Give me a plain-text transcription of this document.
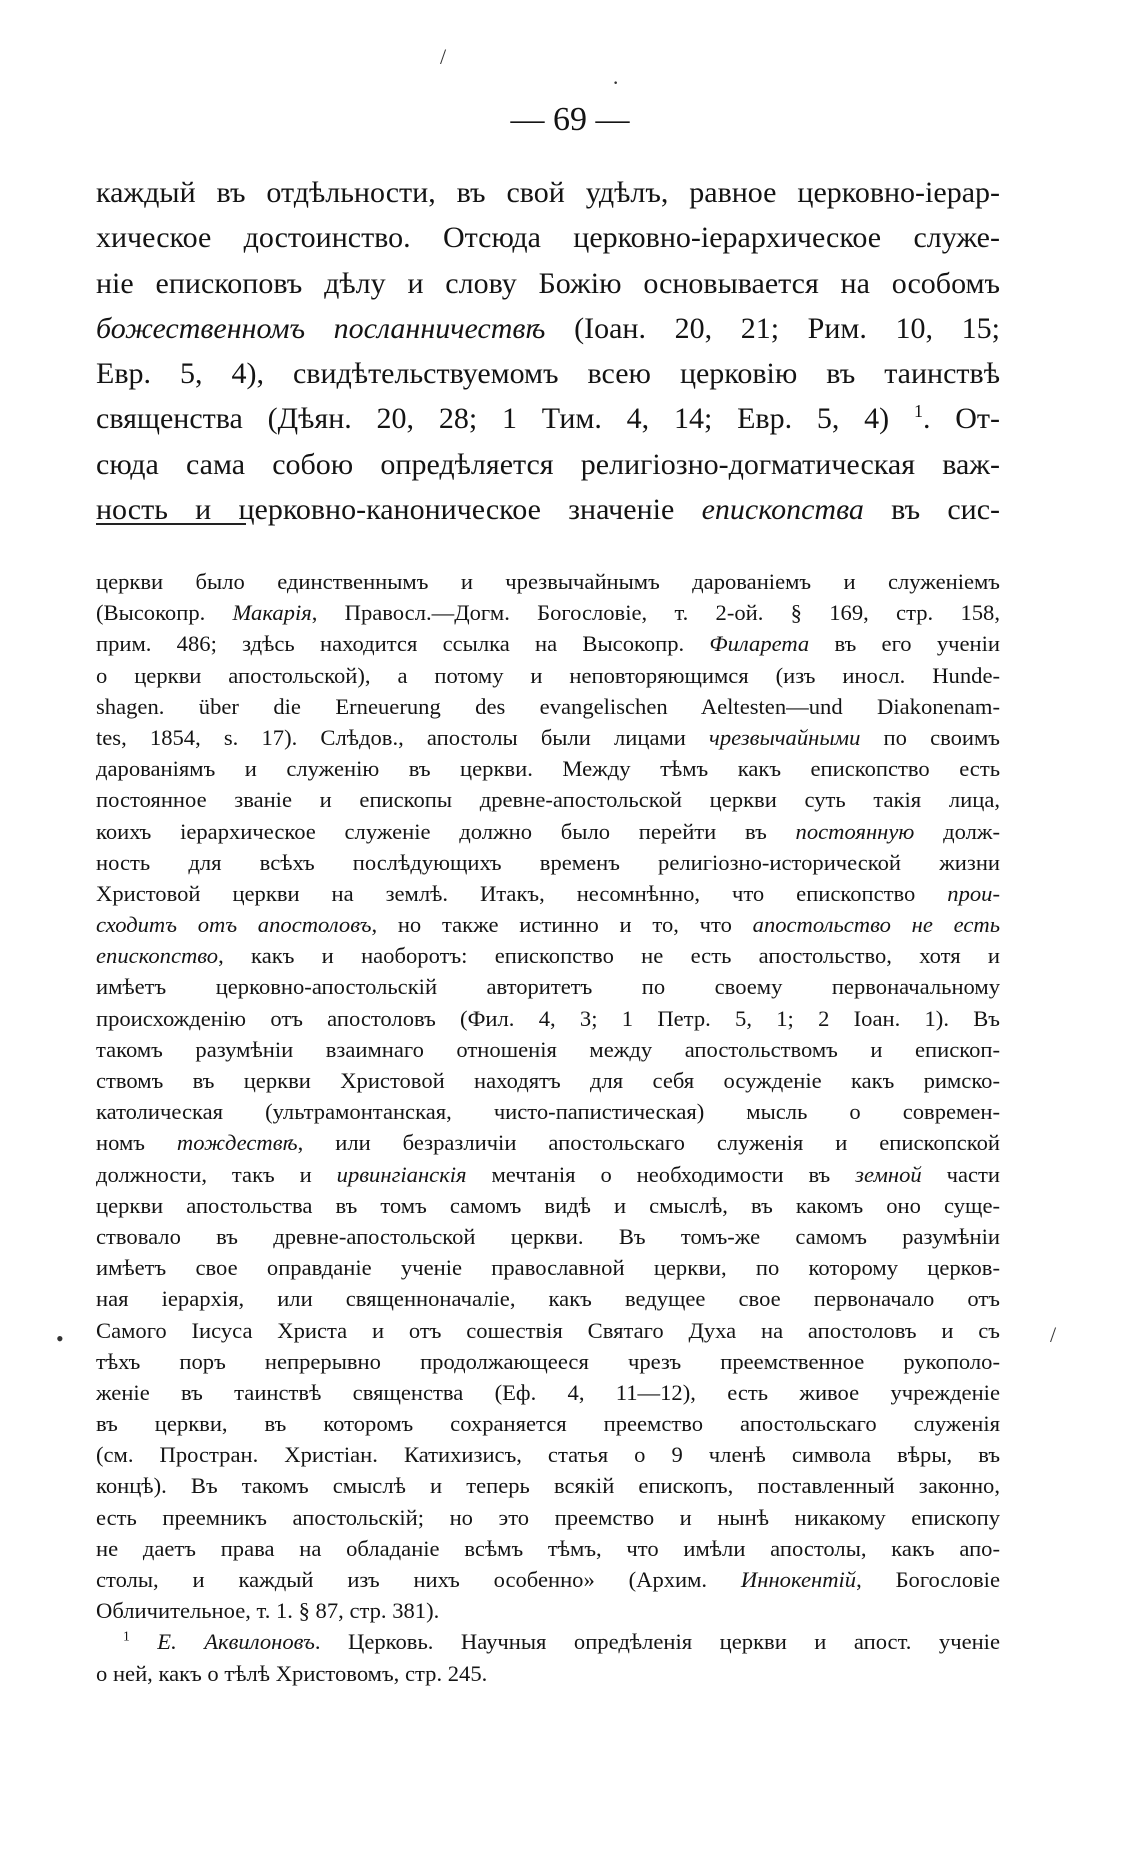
— 69 —
каждый въ отдѣльности, въ свой удѣлъ, равное церковно-іерар-
хическое достоинство. Отсюда церковно-іерархическое служе-
ніе епископовъ дѣлу и слову Божію основывается на особомъ
божественномъ посланничествѣ (Іоан. 20, 21; Рим. 10, 15;
Евр. 5, 4), свидѣтельствуемомъ всею церковію въ таинствѣ
священства (Дѣян. 20, 28; 1 Тим. 4, 14; Евр. 5, 4) $^1$. От-
сюда сама собою опредѣляется религіозно-догматическая важ-
ность и церковно-каноническое значеніе епископства въ сис-
церкви было единственнымъ и чрезвычайнымъ дарованіемъ и служеніемъ
(Высокопр. Макарія, Правосл.—Догм. Богословіе, т. 2-ой. § 169, стр. 158,
прим. 486; здѣсь находится ссылка на Высокопр. Филарета въ его ученіи
о церкви апостольской), а потому и неповторяющимся (изъ иносл. Hunde-
shagen. über die Erneuerung des evangelischen Aeltesten—und Diakonenam-
tes, 1854, s. 17). Слѣдов., апостолы были лицами чрезвычайными по своимъ
дарованіямъ и служенію въ церкви. Между тѣмъ какъ епископство есть
постоянное званіе и епископы древне-апостольской церкви суть такія лица,
коихъ іерархическое служеніе должно было перейти въ постоянную долж-
ность для всѣхъ послѣдующихъ временъ религіозно-исторической жизни
Христовой церкви на землѣ. Итакъ, несомнѣнно, что епископство прои-
сходитъ отъ апостоловъ, но также истинно и то, что апостольство не есть
епископство, какъ и наоборотъ: епископство не есть апостольство, хотя и
имѣетъ церковно-апостольскій авторитетъ по своему первоначальному
происхожденію отъ апостоловъ (Фил. 4, 3; 1 Петр. 5, 1; 2 Іоан. 1). Въ
такомъ разумѣніи взаимнаго отношенія между апостольствомъ и епископ-
ствомъ въ церкви Христовой находятъ для себя осужденіе какъ римско-
католическая (ультрамонтанская, чисто-папистическая) мысль о современ-
номъ тождествѣ, или безразличіи апостольскаго служенія и епископской
должности, такъ и ирвингіанскія мечтанія о необходимости въ земной части
церкви апостольства въ томъ самомъ видѣ и смыслѣ, въ какомъ оно суще-
ствовало въ древне-апостольской церкви. Въ томъ-же самомъ разумѣніи
имѣетъ свое оправданіе ученіе православной церкви, по которому церков-
ная іерархія, или священноначаліе, какъ ведущее свое первоначало отъ
Самого Іисуса Христа и отъ сошествія Святаго Духа на апостоловъ и съ
тѣхъ поръ непрерывно продолжающееся чрезъ преемственное рукополо-
женіе въ таинствѣ священства (Еф. 4, 11—12), есть живое учрежденіе
въ церкви, въ которомъ сохраняется преемство апостольскаго служенія
(см. Простран. Христіан. Катихизисъ, статья о 9 членѣ символа вѣры, въ
концѣ). Въ такомъ смыслѣ и теперь всякій епископъ, поставленный законно,
есть преемникъ апостольскій; но это преемство и нынѣ никакому епископу
не даетъ права на обладаніе всѣмъ тѣмъ, что имѣли апостолы, какъ апо-
столы, и каждый изъ нихъ особенно» (Архим. Иннокентій, Богословіе
Обличительное, т. 1. § 87, стр. 381).
$^1$ Е. Аквилоновъ. Церковь. Научныя опредѣленія церкви и апост. ученіе
о ней, какъ о тѣлѣ Христовомъ, стр. 245.
•	/
/
·
